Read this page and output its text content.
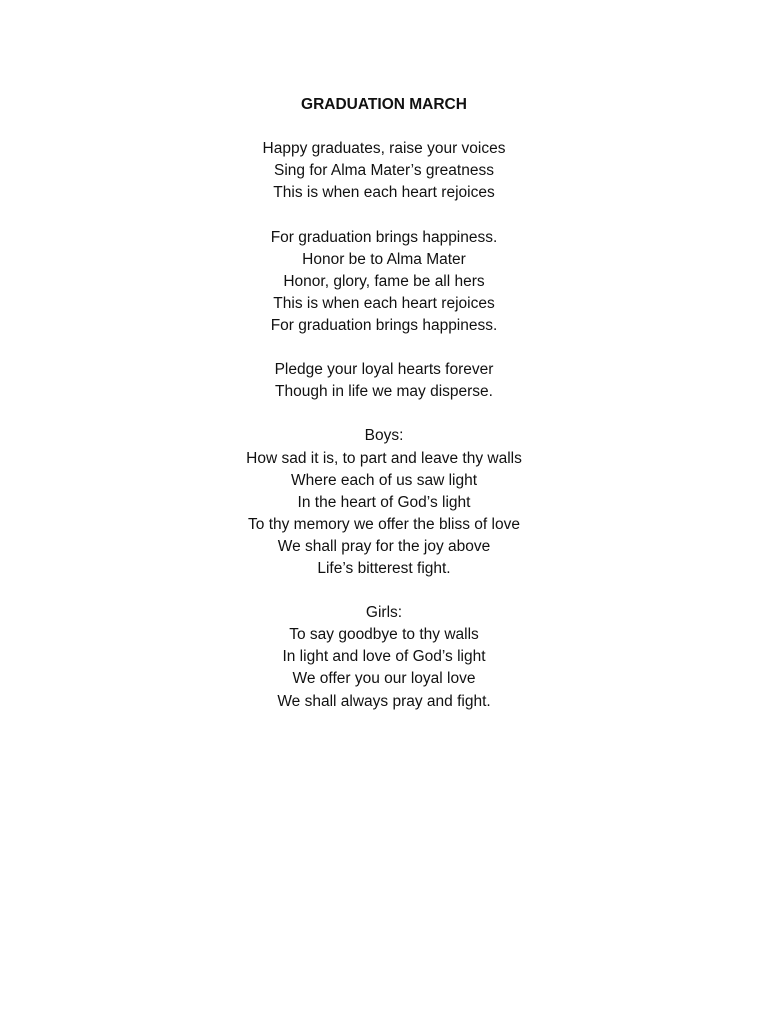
GRADUATION MARCH
Happy graduates, raise your voices
Sing for Alma Mater’s greatness
This is when each heart rejoices
For graduation brings happiness.
Honor be to Alma Mater
Honor, glory, fame be all hers
This is when each heart rejoices
For graduation brings happiness.
Pledge your loyal hearts forever
Though in life we may disperse.
Boys:
How sad it is, to part and leave thy walls
Where each of us saw light
In the heart of God’s light
To thy memory we offer the bliss of love
We shall pray for the joy above
Life’s bitterest fight.
Girls:
To say goodbye to thy walls
In light and love of God’s light
We offer you our loyal love
We shall always pray and fight.
